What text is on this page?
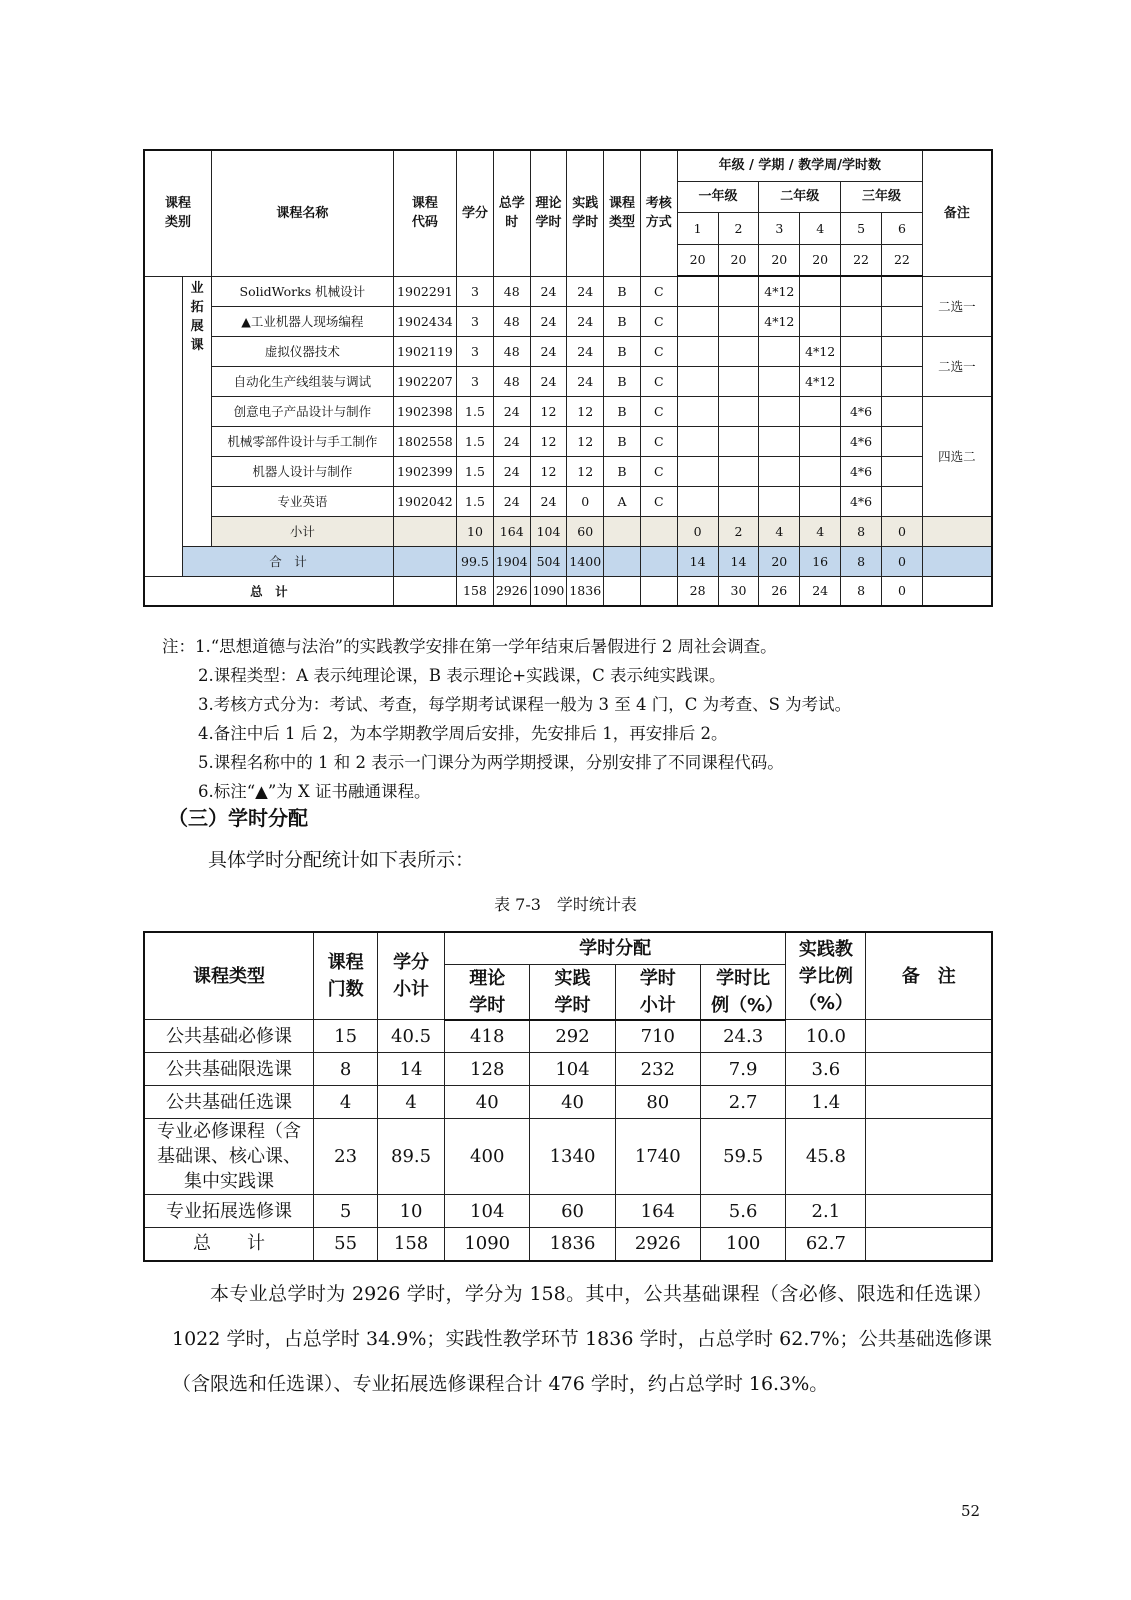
课程类别		课程名称	课程代码	学分	总学时	理论学时	实践学时	课程类型	考核方式	年级 / 学期 / 教学周/学时数						备注
										一年级		二年级		三年级		
										1	2	3	4	5	6	
										20	20	20	20	22	22	
	业拓展课	SolidWorks 机械设计	1902291	3	48	24	24	B	C			4*12				二选一
		▲工业机器人现场编程	1902434	3	48	24	24	B	C			4*12				
		虚拟仪器技术	1902119	3	48	24	24	B	C				4*12			二选一
		自动化生产线组装与调试	1902207	3	48	24	24	B	C				4*12			
		创意电子产品设计与制作	1902398	1.5	24	12	12	B	C					4*6		四选二
		机械零部件设计与手工制作	1802558	1.5	24	12	12	B	C					4*6		
		机器人设计与制作	1902399	1.5	24	12	12	B	C					4*6		
		专业英语	1902042	1.5	24	24	0	A	C					4*6		
		小计		10	164	104	60			0	2	4	4	8	0	
	合　计			99.5	1904	504	1400			14	14	20	16	8	0	
总　计				158	2926	1090	1836			28	30	26	24	8	0	
注：1.“思想道德与法治”的实践教学安排在第一学年结束后暑假进行 2 周社会调查。
2.课程类型：A 表示纯理论课，B 表示理论+实践课，C 表示纯实践课。
3.考核方式分为：考试、考查，每学期考试课程一般为 3 至 4 门，C 为考查、S 为考试。
4.备注中后 1 后 2，为本学期教学周后安排，先安排后 1，再安排后 2。
5.课程名称中的 1 和 2 表示一门课分为两学期授课，分别安排了不同课程代码。
6.标注“▲”为 X 证书融通课程。
（三）学时分配
具体学时分配统计如下表所示：
表 7-3　学时统计表
课程类型	课程门数	学分小计	学时分配				实践教学比例（%）	备　注
			理论学时	实践学时	学时小计	学时比例（%）		
公共基础必修课	15	40.5	418	292	710	24.3	10.0	
公共基础限选课	8	14	128	104	232	7.9	3.6	
公共基础任选课	4	4	40	40	80	2.7	1.4	
专业必修课程（含基础课、核心课、集中实践课	23	89.5	400	1340	1740	59.5	45.8	
专业拓展选修课	5	10	104	60	164	5.6	2.1	
总　　计	55	158	1090	1836	2926	100	62.7	

本专业总学时为 2926 学时，学分为 158。其中，公共基础课程（含必修、限选和任选课）1022 学时，占总学时 34.9%；实践性教学环节 1836 学时，占总学时 62.7%；公共基础选修课（含限选和任选课）、专业拓展选修课程合计 476 学时，约占总学时 16.3%。

52
